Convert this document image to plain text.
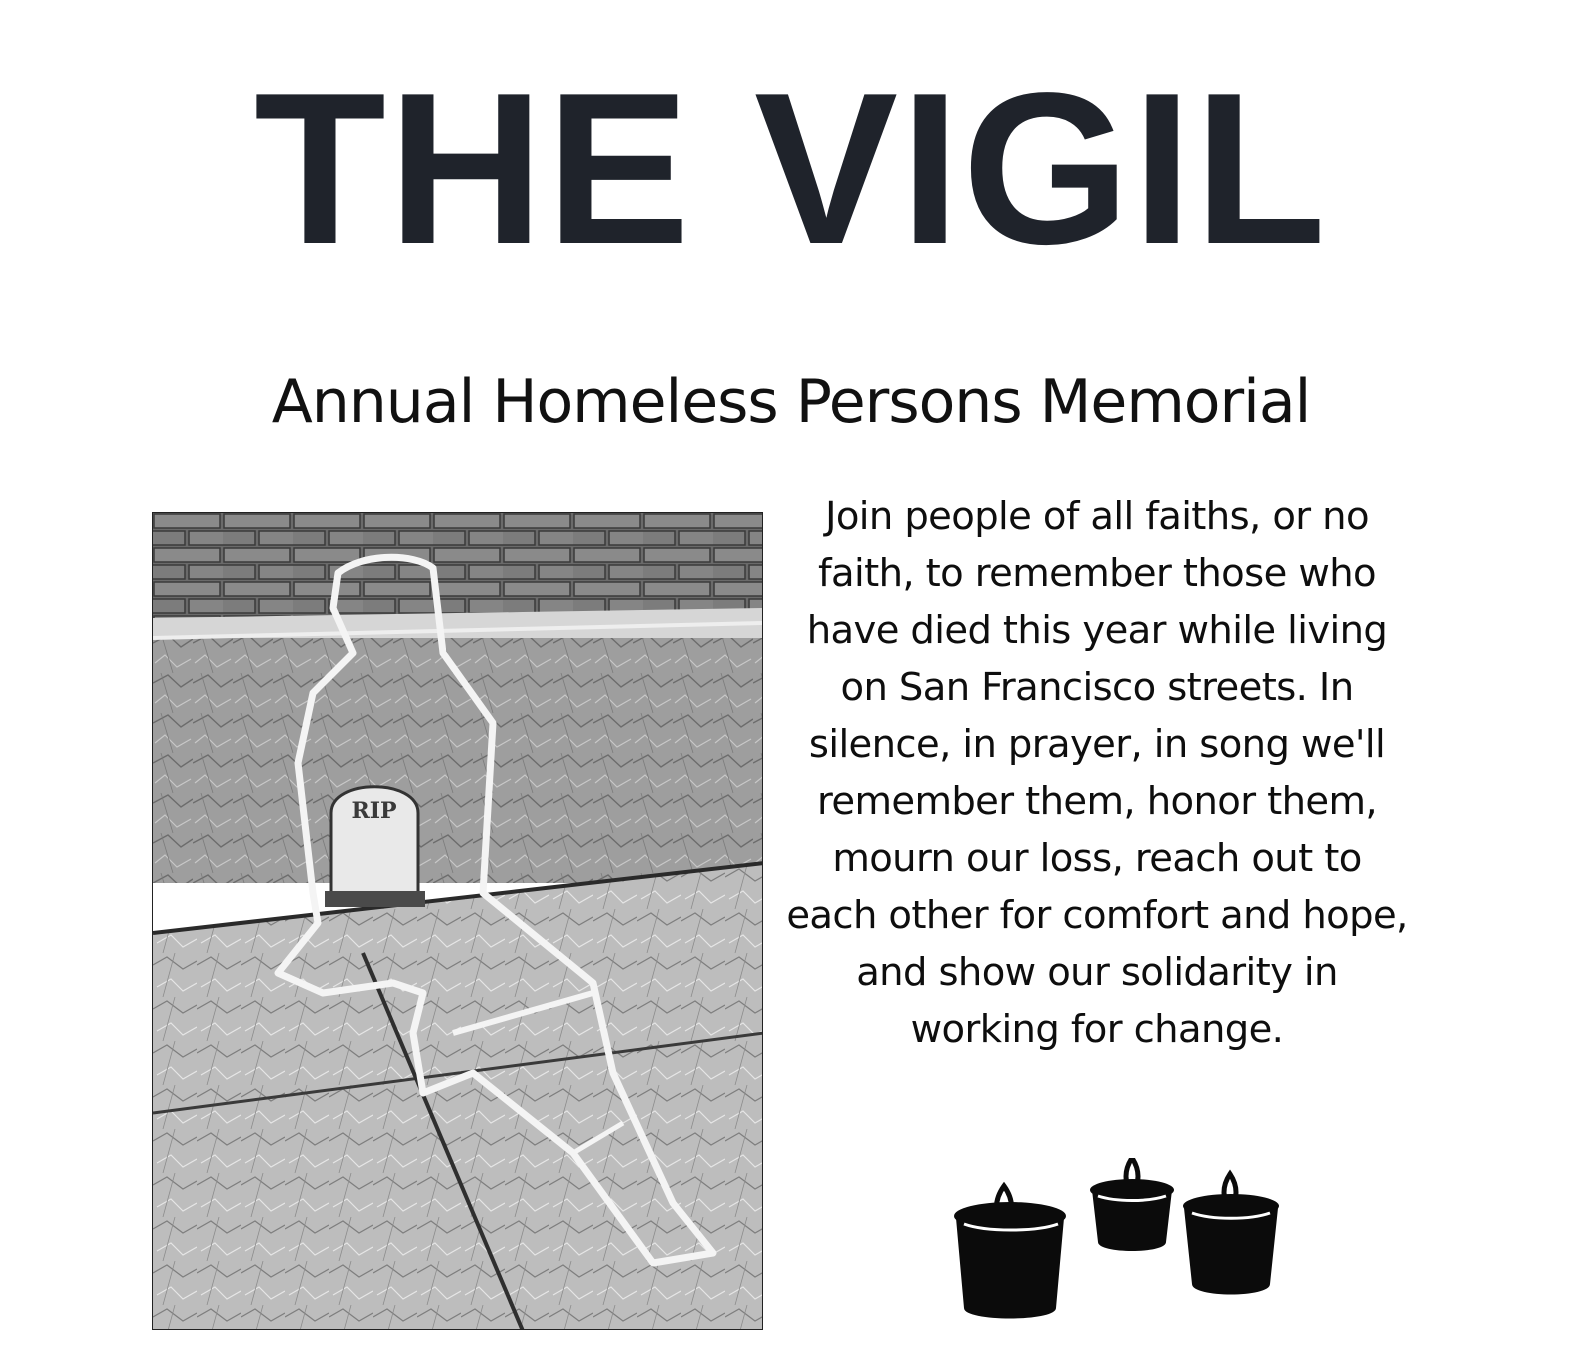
THE VIGIL
Annual Homeless Persons Memorial
RIP

Join people of all faiths, or no faith, to remember those who have died this year while living on San Francisco streets. In silence, in prayer, in song we'll remember them, honor them, mourn our loss, reach out to each other for comfort and hope, and show our solidarity in working for change.
